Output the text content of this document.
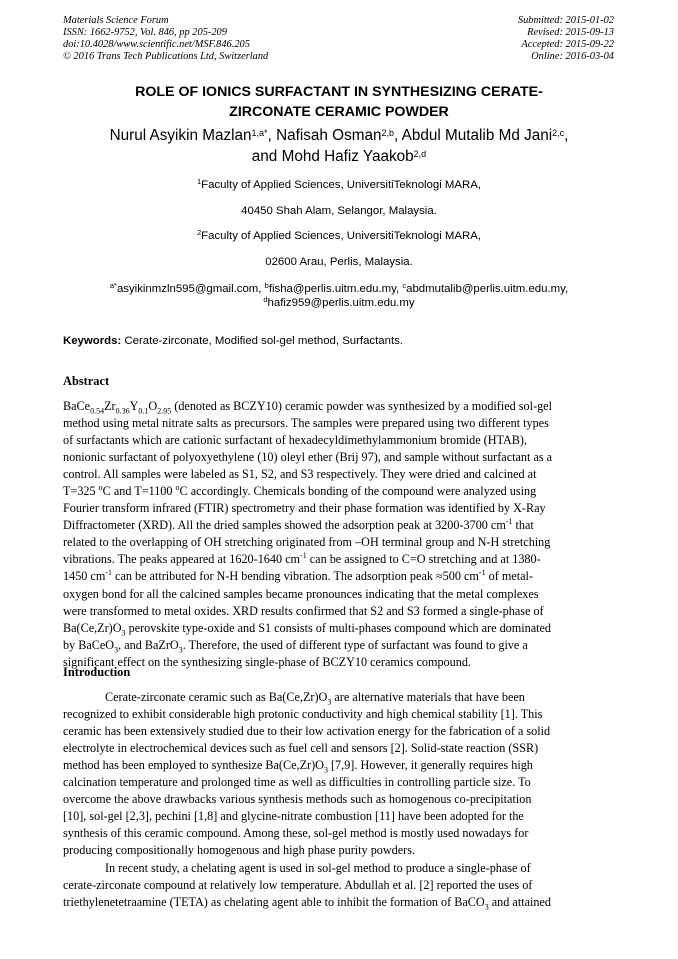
Materials Science Forum
ISSN: 1662-9752, Vol. 846, pp 205-209
doi:10.4028/www.scientific.net/MSF.846.205
© 2016 Trans Tech Publications Ltd, Switzerland
Submitted: 2015-01-02
Revised: 2015-09-13
Accepted: 2015-09-22
Online: 2016-03-04
ROLE OF IONICS SURFACTANT IN SYNTHESIZING CERATE-
ZIRCONATE CERAMIC POWDER
Nurul Asyikin Mazlan$^{1,a*}$, Nafisah Osman$^{2,b}$, Abdul Mutalib Md Jani$^{2,c}$,
and Mohd Hafiz Yaakob$^{2,d}$
$^1$Faculty of Applied Sciences, UniversitiTeknologi MARA,
40450 Shah Alam, Selangor, Malaysia.
$^2$Faculty of Applied Sciences, UniversitiTeknologi MARA,
02600 Arau, Perlis, Malaysia.
$^{a*}$asyikinmzln595@gmail.com, $^b$fisha@perlis.uitm.edu.my, $^c$abdmutalib@perlis.uitm.edu.my,
$^d$hafiz959@perlis.uitm.edu.my
Keywords: Cerate-zirconate, Modified sol-gel method, Surfactants.
Abstract
$BaCe_{0.54}Zr_{0.36}Y_{0.1}O_{2.95}$ (denoted as BCZY10) ceramic powder was synthesized by a modified sol-gel
method using metal nitrate salts as precursors. The samples were prepared using two different types
of surfactants which are cationic surfactant of hexadecyldimethylammonium bromide (HTAB),
nonionic surfactant of polyoxyethylene (10) oleyl ether (Brij 97), and sample without surfactant as a
control. All samples were labeled as S1, S2, and S3 respectively. They were dried and calcined at
T=325 $^o$C and T=1100 $^o$C accordingly. Chemicals bonding of the compound were analyzed using
Fourier transform infrared (FTIR) spectrometry and their phase formation was identified by X-Ray
Diffractometer (XRD). All the dried samples showed the adsorption peak at 3200-3700 $cm^{-1}$ that
related to the overlapping of OH stretching originated from –OH terminal group and N-H stretching
vibrations. The peaks appeared at 1620-1640 $cm^{-1}$ can be assigned to C=O stretching and at 1380-
1450 $cm^{-1}$ can be attributed for N-H bending vibration. The adsorption peak ≈500 $cm^{-1}$ of metal-
oxygen bond for all the calcined samples became pronounces indicating that the metal complexes
were transformed to metal oxides. XRD results confirmed that S2 and S3 formed a single-phase of
$Ba(Ce,Zr)O_3$ perovskite type-oxide and S1 consists of multi-phases compound which are dominated
by BaCeO$_3$, and BaZrO$_3$. Therefore, the used of different type of surfactant was found to give a
significant effect on the synthesizing single-phase of BCZY10 ceramics compound.
Introduction
Cerate-zirconate ceramic such as $Ba(Ce,Zr)O_3$ are alternative materials that have been
recognized to exhibit considerable high protonic conductivity and high chemical stability [1]. This
ceramic has been extensively studied due to their low activation energy for the fabrication of a solid
electrolyte in electrochemical devices such as fuel cell and sensors [2]. Solid-state reaction (SSR)
method has been employed to synthesize $Ba(Ce,Zr)O_3$ [7,9]. However, it generally requires high
calcination temperature and prolonged time as well as difficulties in controlling particle size. To
overcome the above drawbacks various synthesis methods such as homogenous co-precipitation
[10], sol-gel [2,3], pechini [1,8] and glycine-nitrate combustion [11] have been adopted for the
synthesis of this ceramic compound. Among these, sol-gel method is mostly used nowadays for
producing compositionally homogenous and high phase purity powders.
In recent study, a chelating agent is used in sol-gel method to produce a single-phase of
cerate-zirconate compound at relatively low temperature. Abdullah et al. [2] reported the uses of
triethylenetetraamine (TETA) as chelating agent able to inhibit the formation of BaCO$_3$ and attained
